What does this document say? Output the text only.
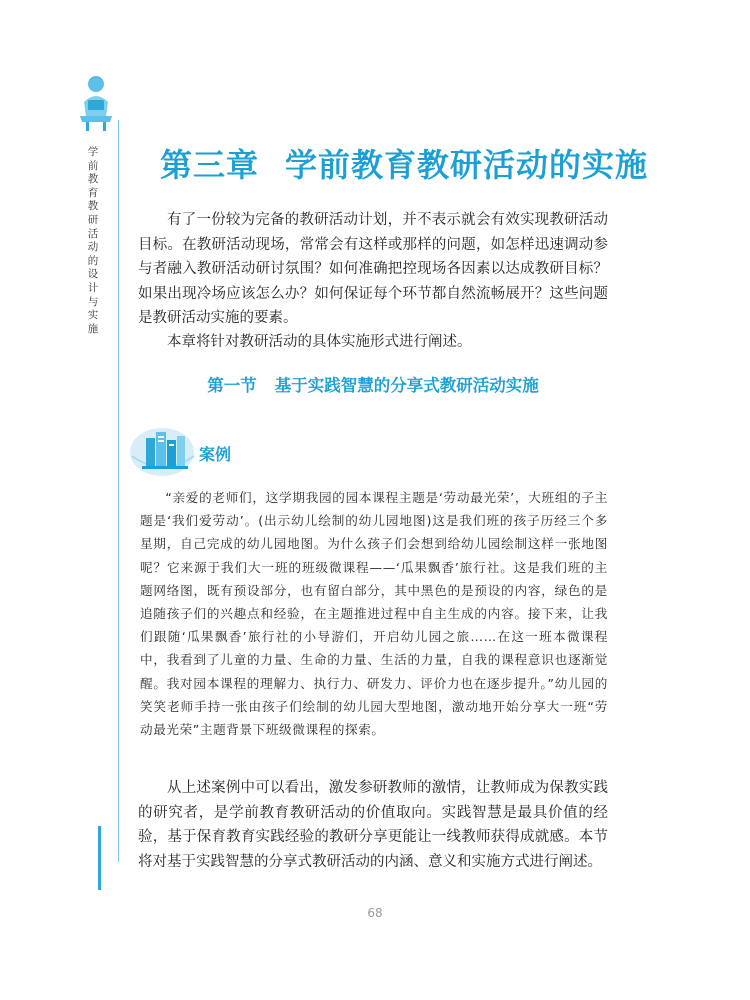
学前教育教研活动的设计与实施
第三章 学前教育教研活动的实施

有了一份较为完备的教研活动计划，并不表示就会有效实现教研活动目标。在教研活动现场，常常会有这样或那样的问题，如怎样迅速调动参与者融入教研活动研讨氛围？如何准确把控现场各因素以达成教研目标？如果出现冷场应该怎么办？如何保证每个环节都自然流畅展开？这些问题是教研活动实施的要素。

本章将针对教研活动的具体实施形式进行阐述。

第一节 基于实践智慧的分享式教研活动实施
案例

“亲爱的老师们，这学期我园的园本课程主题是‘劳动最光荣’，大班组的子主题是‘我们爱劳动’。(出示幼儿绘制的幼儿园地图)这是我们班的孩子历经三个多星期，自己完成的幼儿园地图。为什么孩子们会想到给幼儿园绘制这样一张地图呢？它来源于我们大一班的班级微课程——‘瓜果飘香’旅行社。这是我们班的主题网络图，既有预设部分，也有留白部分，其中黑色的是预设的内容，绿色的是追随孩子们的兴趣点和经验，在主题推进过程中自主生成的内容。接下来，让我们跟随‘瓜果飘香’旅行社的小导游们，开启幼儿园之旅……在这一班本微课程中，我看到了儿童的力量、生命的力量、生活的力量，自我的课程意识也逐渐觉醒。我对园本课程的理解力、执行力、研发力、评价力也在逐步提升。”幼儿园的笑笑老师手持一张由孩子们绘制的幼儿园大型地图，激动地开始分享大一班“劳动最光荣”主题背景下班级微课程的探索。

从上述案例中可以看出，激发参研教师的激情，让教师成为保教实践的研究者，是学前教育教研活动的价值取向。实践智慧是最具价值的经验，基于保育教育实践经验的教研分享更能让一线教师获得成就感。本节将对基于实践智慧的分享式教研活动的内涵、意义和实施方式进行阐述。

68
